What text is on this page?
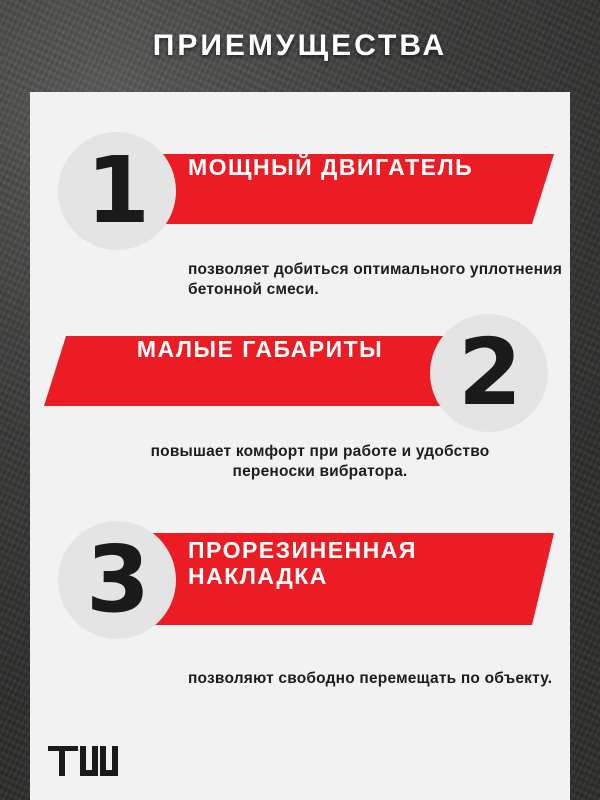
ПРИЕМУЩЕСТВА
1	МОЩНЫЙ ДВИГАТЕЛЬ
позволяет добиться оптимального уплотнения бетонной смеси.
2
МАЛЫЕ ГАБАРИТЫ
повышает комфорт при работе и удобство переноски вибратора.
3	ПРОРЕЗИНЕННАЯ НАКЛАДКА
позволяют свободно перемещать по объекту.
